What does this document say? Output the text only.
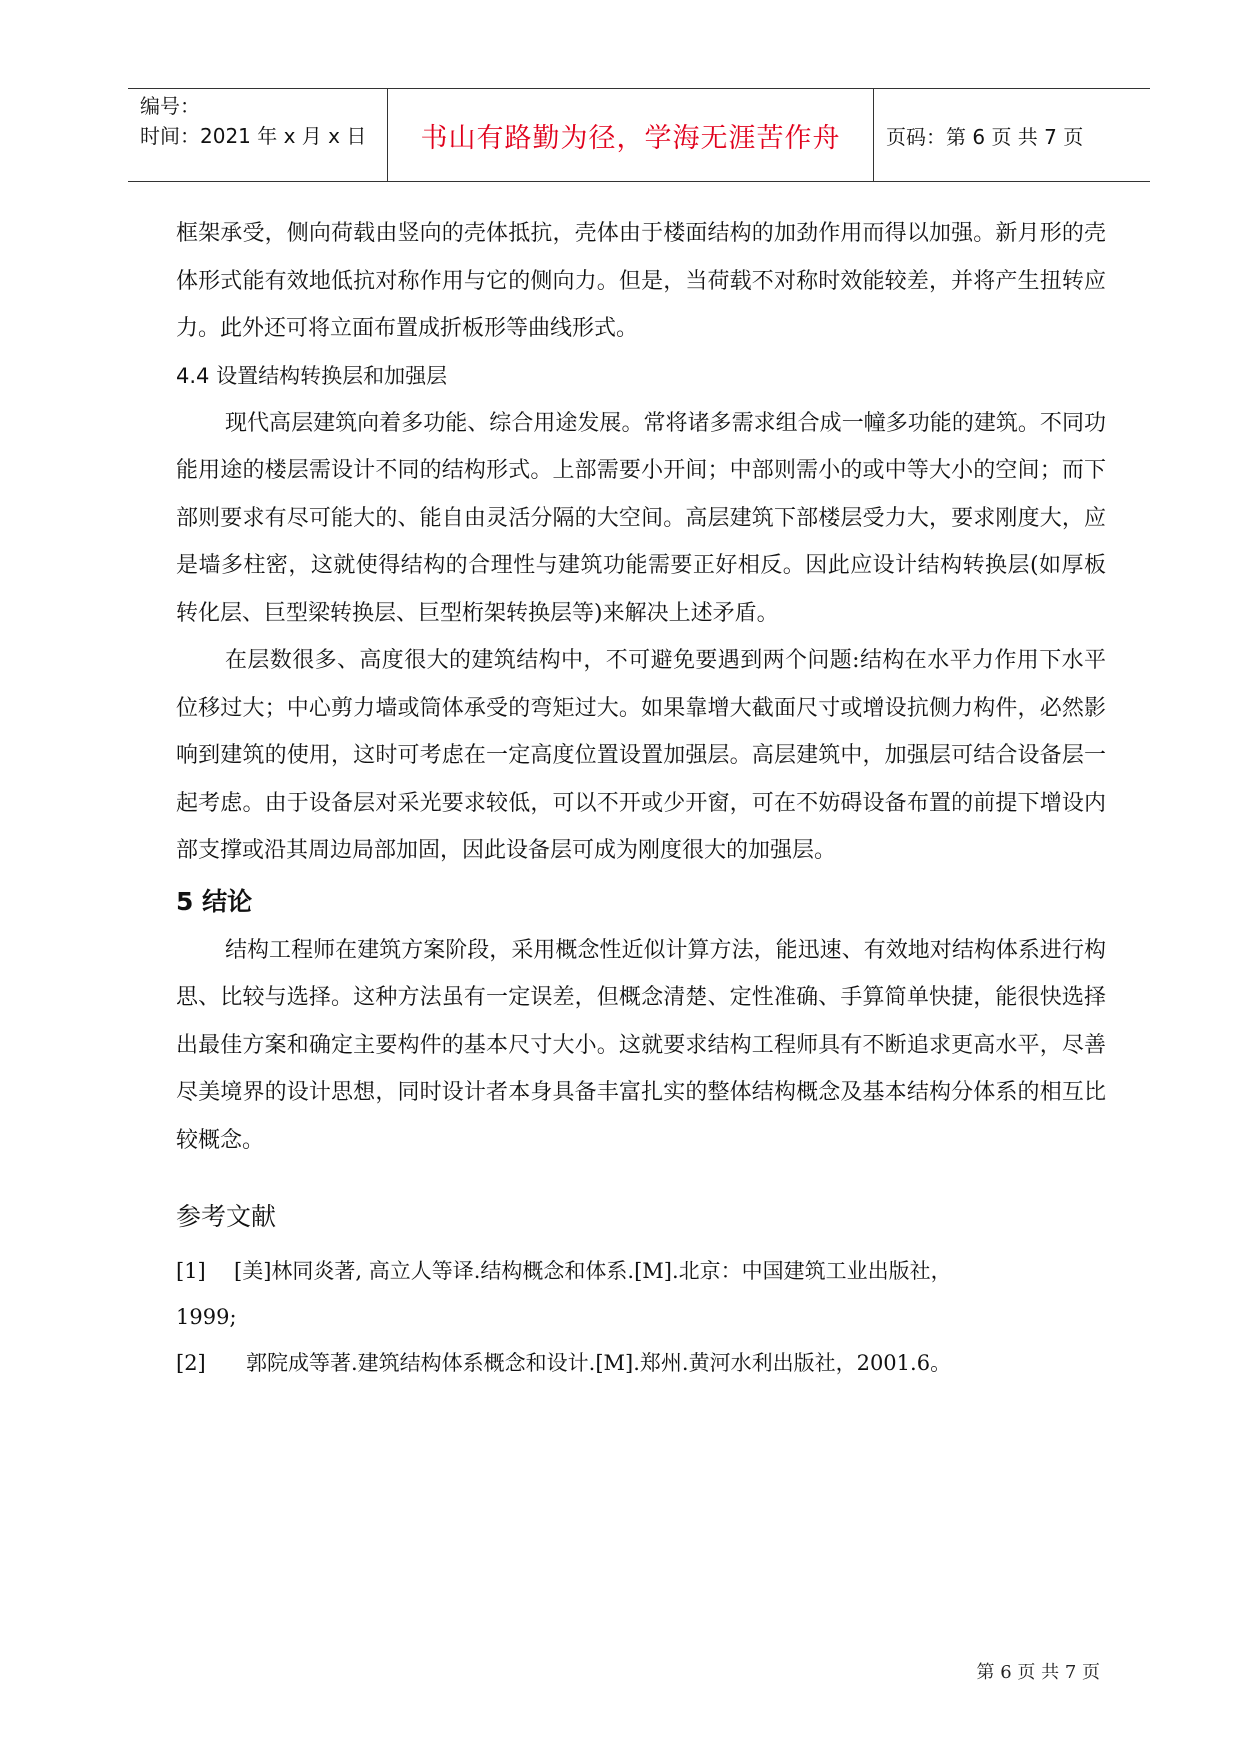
编号：
时间：2021 年 x 月 x 日	书山有路勤为径，学海无涯苦作舟	页码：第 6 页 共 7 页

框架承受，侧向荷载由竖向的壳体抵抗，壳体由于楼面结构的加劲作用而得以加强。新月形的壳体形式能有效地低抗对称作用与它的侧向力。但是，当荷载不对称时效能较差，并将产生扭转应力。此外还可将立面布置成折板形等曲线形式。

4.4 设置结构转换层和加强层

现代高层建筑向着多功能、综合用途发展。常将诸多需求组合成一幢多功能的建筑。不同功能用途的楼层需设计不同的结构形式。上部需要小开间；中部则需小的或中等大小的空间；而下部则要求有尽可能大的、能自由灵活分隔的大空间。高层建筑下部楼层受力大，要求刚度大，应是墙多柱密，这就使得结构的合理性与建筑功能需要正好相反。因此应设计结构转换层(如厚板转化层、巨型梁转换层、巨型桁架转换层等)来解决上述矛盾。

在层数很多、高度很大的建筑结构中，不可避免要遇到两个问题:结构在水平力作用下水平位移过大；中心剪力墙或筒体承受的弯矩过大。如果靠增大截面尺寸或增设抗侧力构件，必然影响到建筑的使用，这时可考虑在一定高度位置设置加强层。高层建筑中，加强层可结合设备层一起考虑。由于设备层对采光要求较低，可以不开或少开窗，可在不妨碍设备布置的前提下增设内部支撑或沿其周边局部加固，因此设备层可成为刚度很大的加强层。

5 结论

结构工程师在建筑方案阶段，采用概念性近似计算方法，能迅速、有效地对结构体系进行构思、比较与选择。这种方法虽有一定误差，但概念清楚、定性准确、手算简单快捷，能很快选择出最佳方案和确定主要构件的基本尺寸大小。这就要求结构工程师具有不断追求更高水平，尽善尽美境界的设计思想，同时设计者本身具备丰富扎实的整体结构概念及基本结构分体系的相互比较概念。

参考文献

[1]	[美]林同炎著, 高立人等译.结构概念和体系.[M].北京：中国建筑工业出版社，

1999;

[2]	郭院成等著.建筑结构体系概念和设计.[M].郑州.黄河水利出版社，2001.6。
第 6 页 共 7 页
